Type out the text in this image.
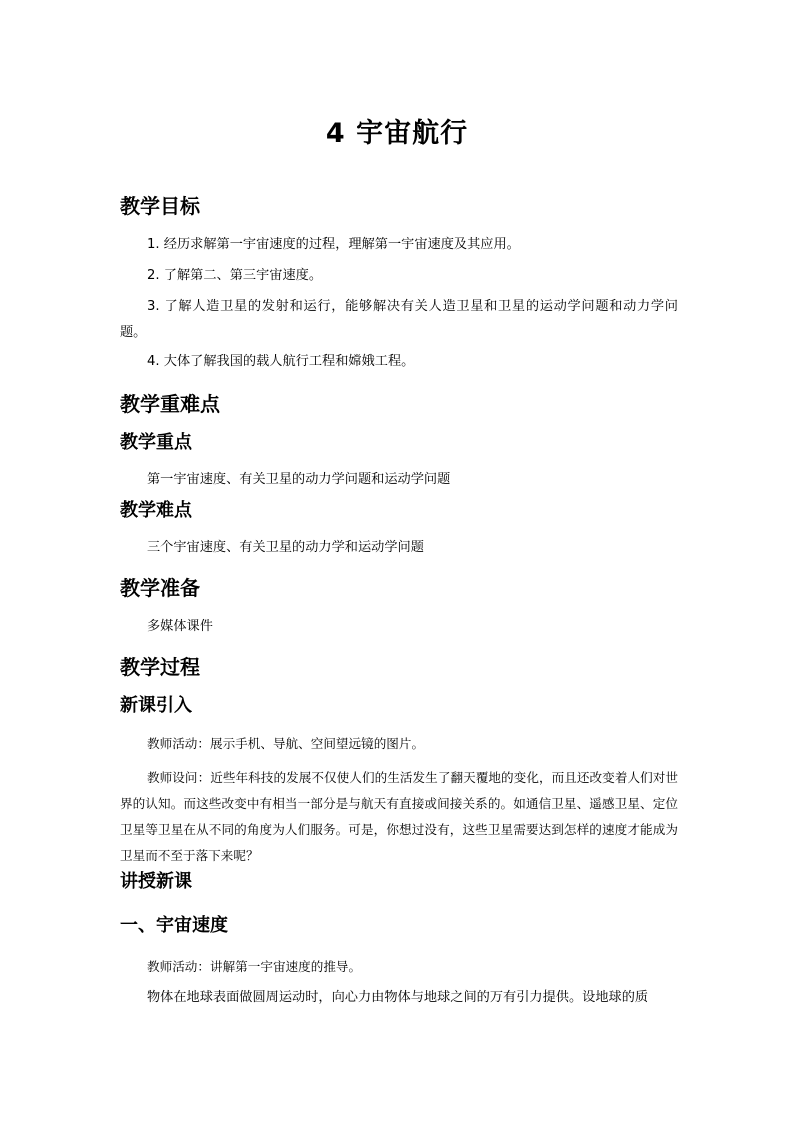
4 宇宙航行
教学目标
1. 经历求解第一宇宙速度的过程，理解第一宇宙速度及其应用。
2. 了解第二、第三宇宙速度。
3. 了解人造卫星的发射和运行，能够解决有关人造卫星和卫星的运动学问题和动力学问题。
4. 大体了解我国的载人航行工程和嫦娥工程。
教学重难点
教学重点
第一宇宙速度、有关卫星的动力学问题和运动学问题
教学难点
三个宇宙速度、有关卫星的动力学和运动学问题
教学准备
多媒体课件
教学过程
新课引入
教师活动：展示手机、导航、空间望远镜的图片。
教师设问：近些年科技的发展不仅使人们的生活发生了翻天覆地的变化，而且还改变着人们对世界的认知。而这些改变中有相当一部分是与航天有直接或间接关系的。如通信卫星、遥感卫星、定位卫星等卫星在从不同的角度为人们服务。可是，你想过没有，这些卫星需要达到怎样的速度才能成为卫星而不至于落下来呢？
讲授新课
一、宇宙速度
教师活动：讲解第一宇宙速度的推导。
物体在地球表面做圆周运动时，向心力由物体与地球之间的万有引力提供。设地球的质
